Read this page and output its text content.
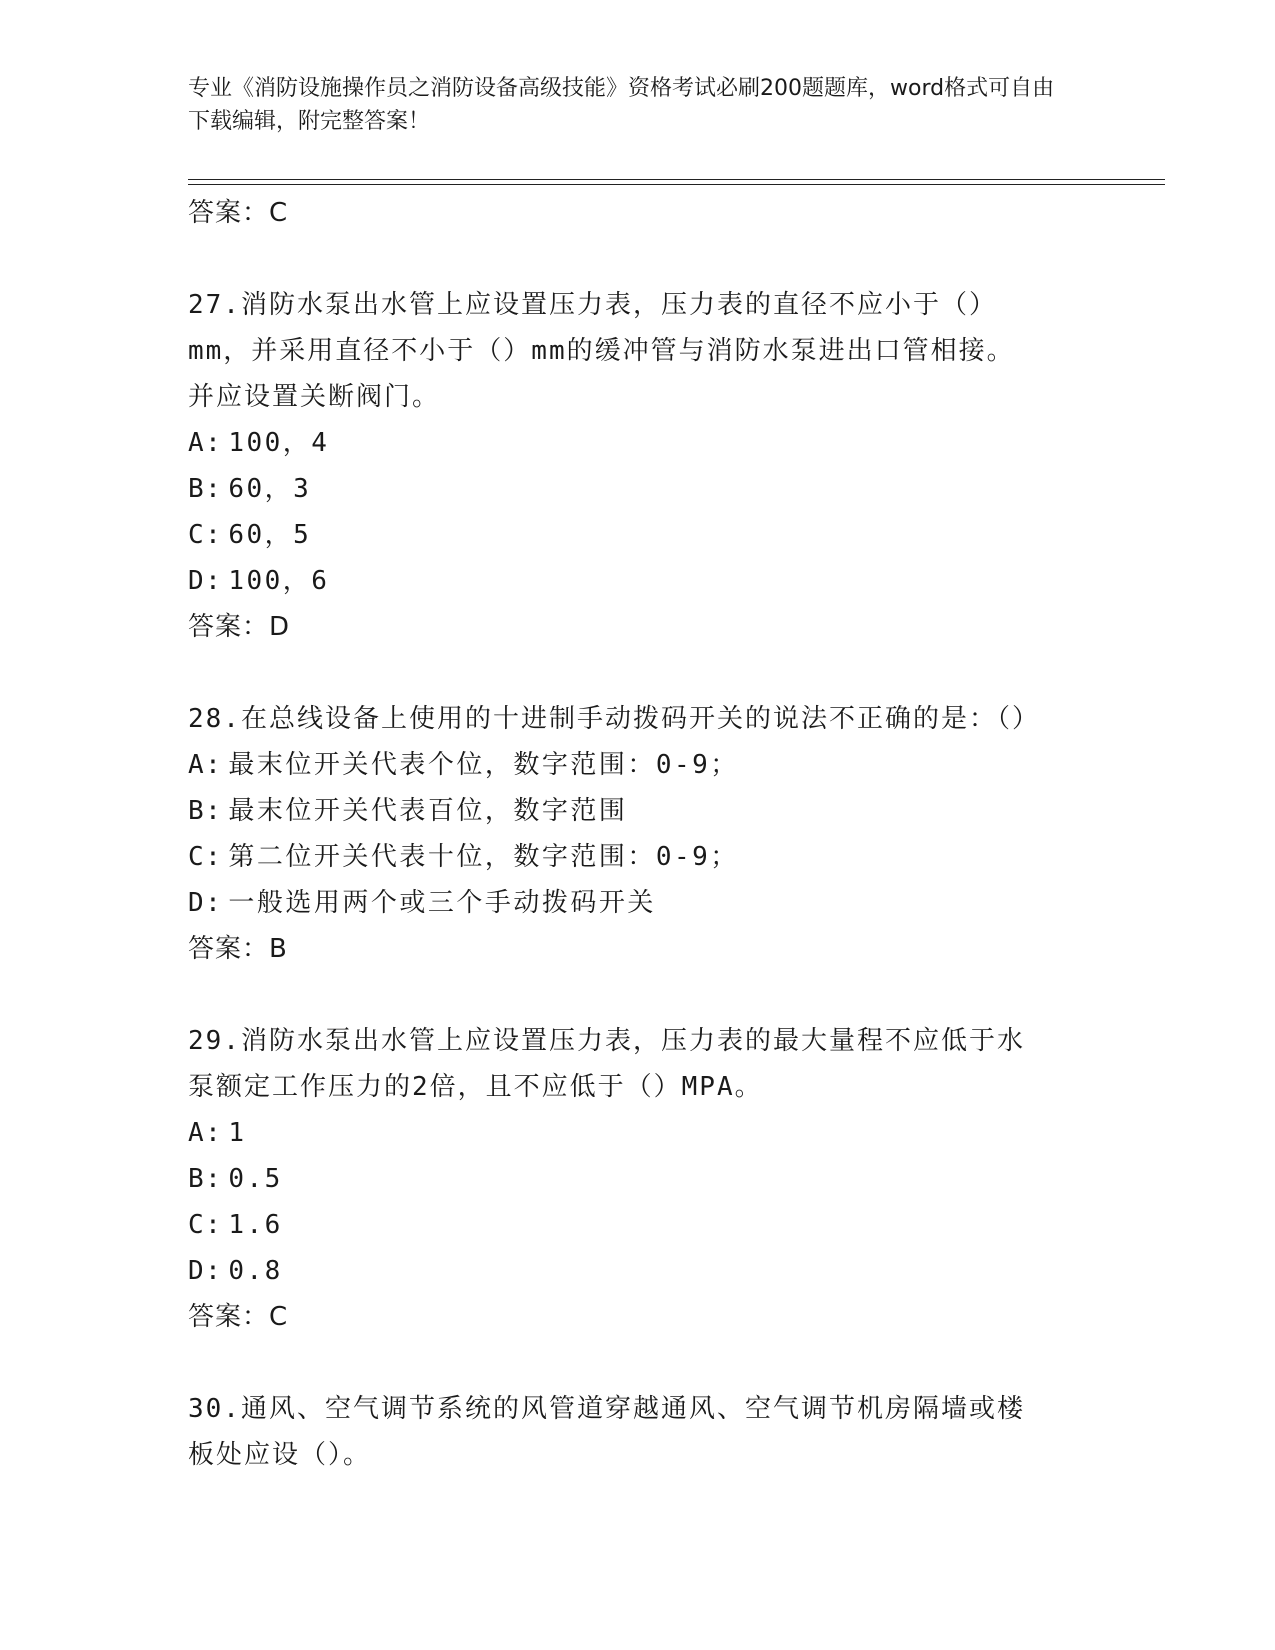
专业《消防设施操作员之消防设备高级技能》资格考试必刷200题题库，word格式可自由下载编辑，附完整答案！
答案：C
27.消防水泵出水管上应设置压力表，压力表的直径不应小于（）mm，并采用直径不小于（）mm的缓冲管与消防水泵进出口管相接。并应设置关断阀门。
A: 100，4
B: 60，3
C: 60，5
D: 100，6
答案：D
28.在总线设备上使用的十进制手动拨码开关的说法不正确的是：（）
A: 最末位开关代表个位，数字范围：0-9；
B: 最末位开关代表百位，数字范围
C: 第二位开关代表十位，数字范围：0-9；
D: 一般选用两个或三个手动拨码开关
答案：B
29.消防水泵出水管上应设置压力表，压力表的最大量程不应低于水泵额定工作压力的2倍，且不应低于（）MPA。
A: 1
B: 0.5
C: 1.6
D: 0.8
答案：C
30.通风、空气调节系统的风管道穿越通风、空气调节机房隔墙或楼板处应设（）。
